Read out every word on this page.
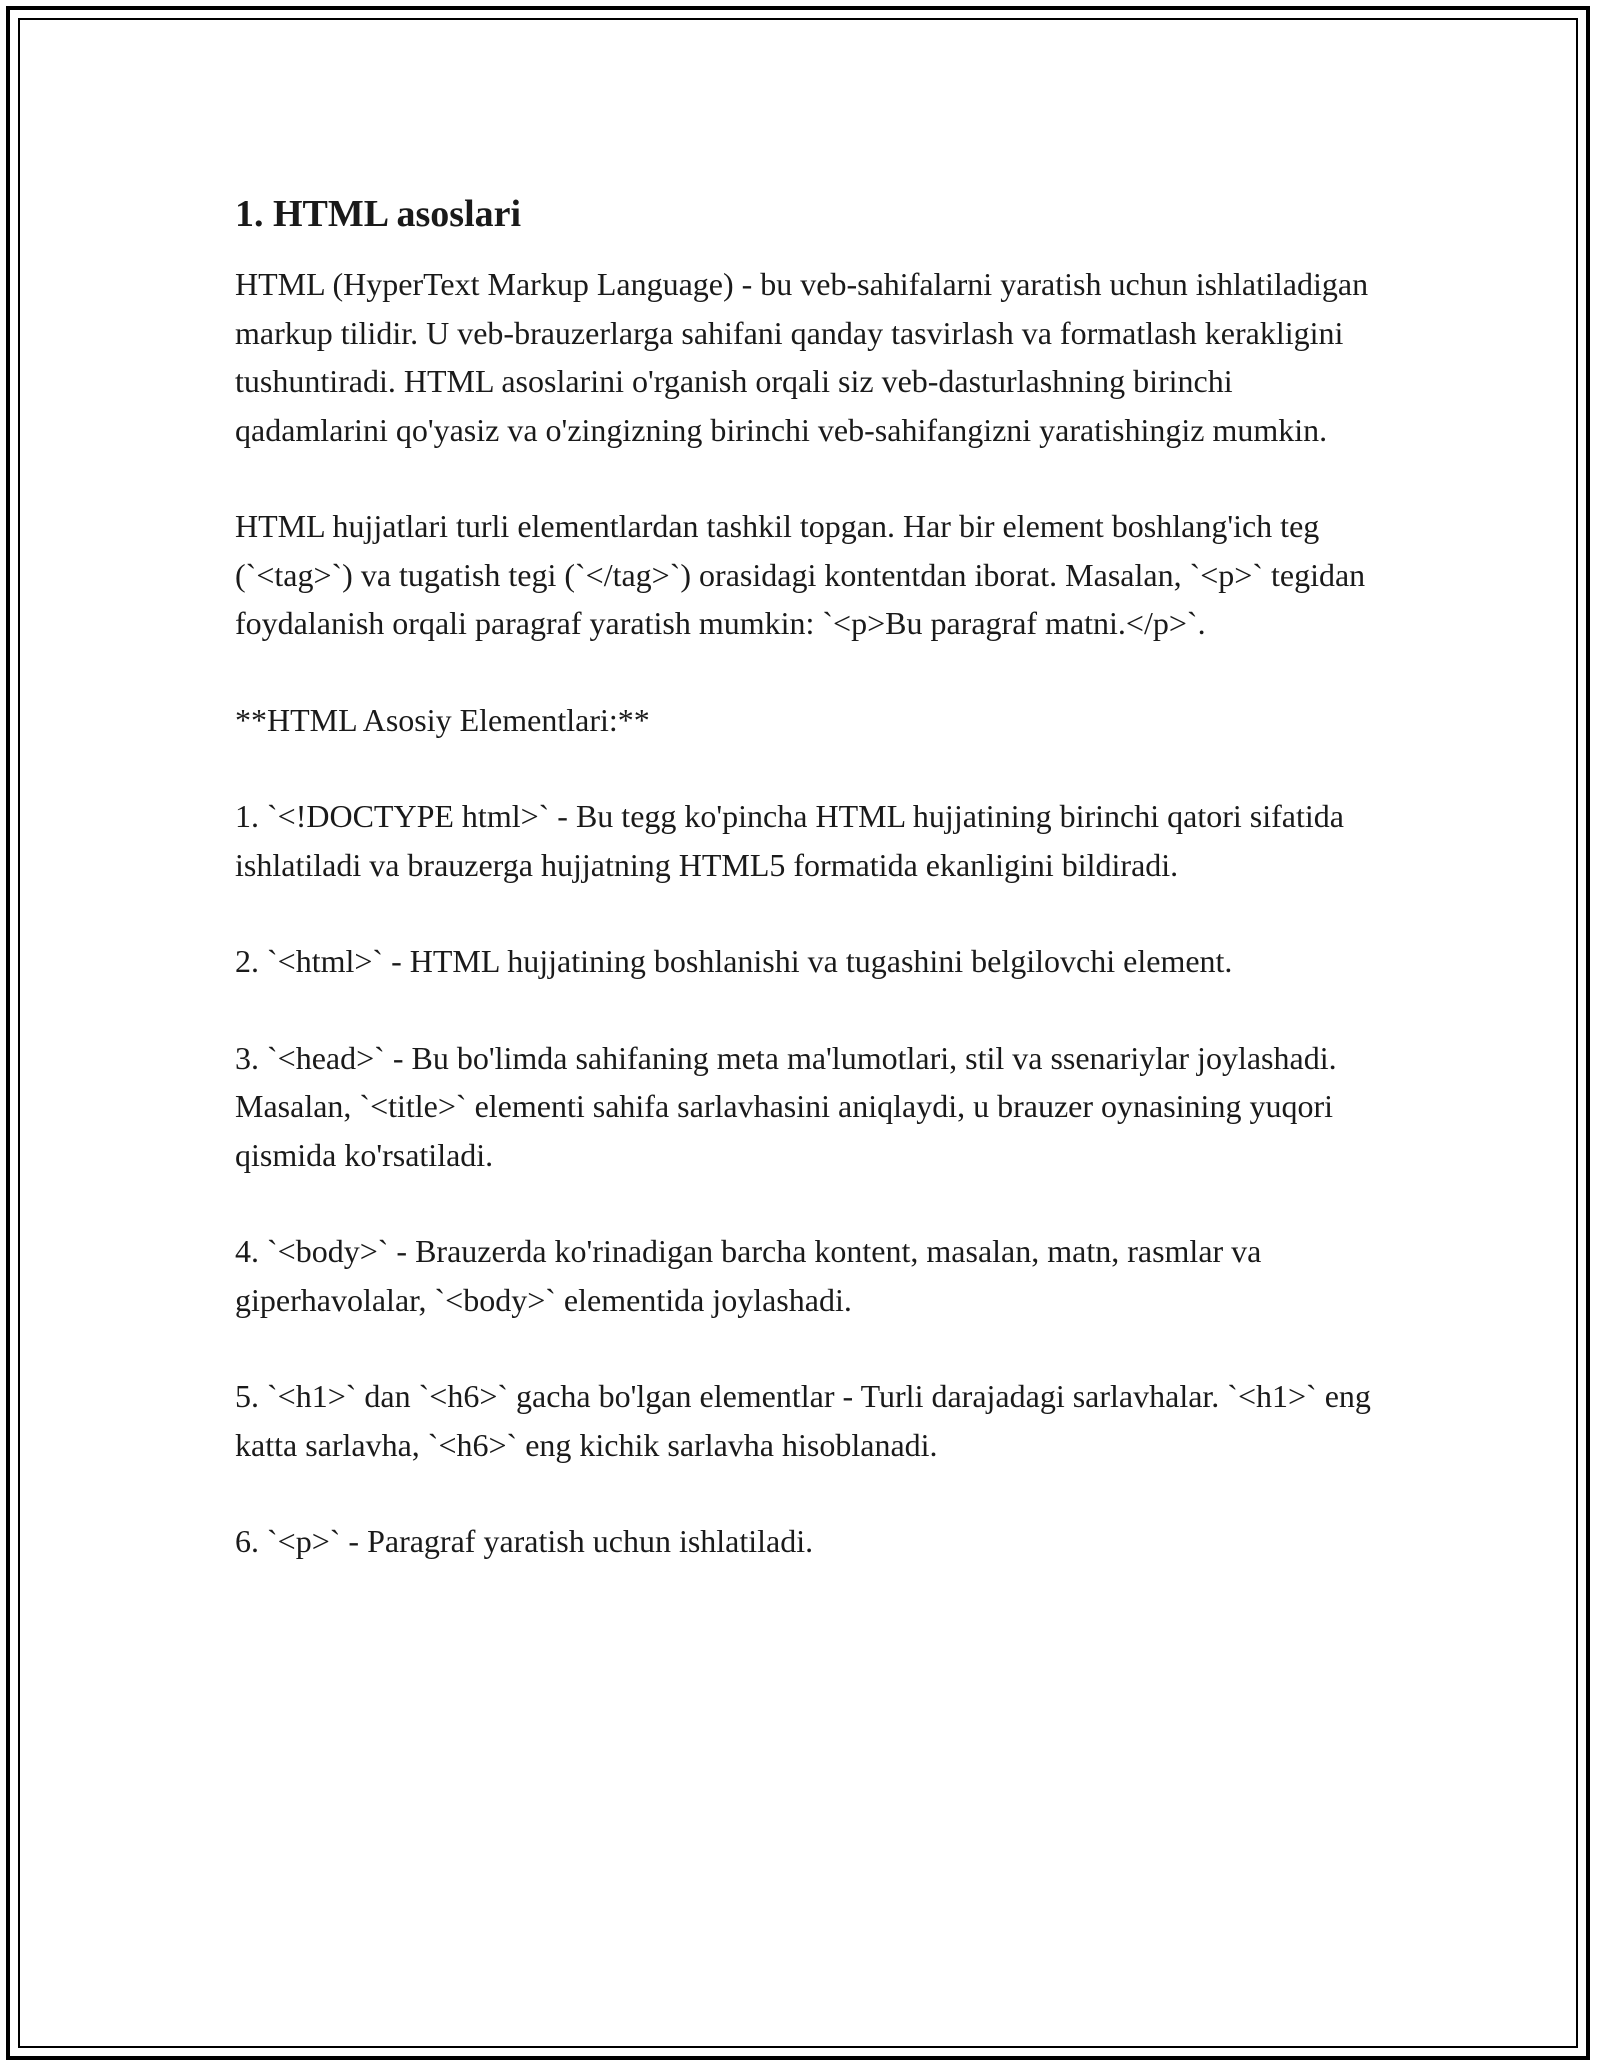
1. HTML asoslari

HTML (HyperText Markup Language) - bu veb-sahifalarni yaratish uchun ishlatiladigan markup tilidir. U veb-brauzerlarga sahifani qanday tasvirlash va formatlash kerakligini tushuntiradi. HTML asoslarini o'rganish orqali siz veb-dasturlashning birinchi qadamlarini qo'yasiz va o'zingizning birinchi veb-sahifangizni yaratishingiz mumkin.

HTML hujjatlari turli elementlardan tashkil topgan. Har bir element boshlang'ich teg (`<tag>`) va tugatish tegi (`</tag>`) orasidagi kontentdan iborat. Masalan, `<p>` tegidan foydalanish orqali paragraf yaratish mumkin: `<p>Bu paragraf matni.</p>`.

**HTML Asosiy Elementlari:**

1. `<!DOCTYPE html>` - Bu tegg ko'pincha HTML hujjatining birinchi qatori sifatida ishlatiladi va brauzerga hujjatning HTML5 formatida ekanligini bildiradi.

2. `<html>` - HTML hujjatining boshlanishi va tugashini belgilovchi element.

3. `<head>` - Bu bo'limda sahifaning meta ma'lumotlari, stil va ssenariylar joylashadi. Masalan, `<title>` elementi sahifa sarlavhasini aniqlaydi, u brauzer oynasining yuqori qismida ko'rsatiladi.

4. `<body>` - Brauzerda ko'rinadigan barcha kontent, masalan, matn, rasmlar va giperhavolalar, `<body>` elementida joylashadi.

5. `<h1>` dan `<h6>` gacha bo'lgan elementlar - Turli darajadagi sarlavhalar. `<h1>` eng katta sarlavha, `<h6>` eng kichik sarlavha hisoblanadi.

6. `<p>` - Paragraf yaratish uchun ishlatiladi.
